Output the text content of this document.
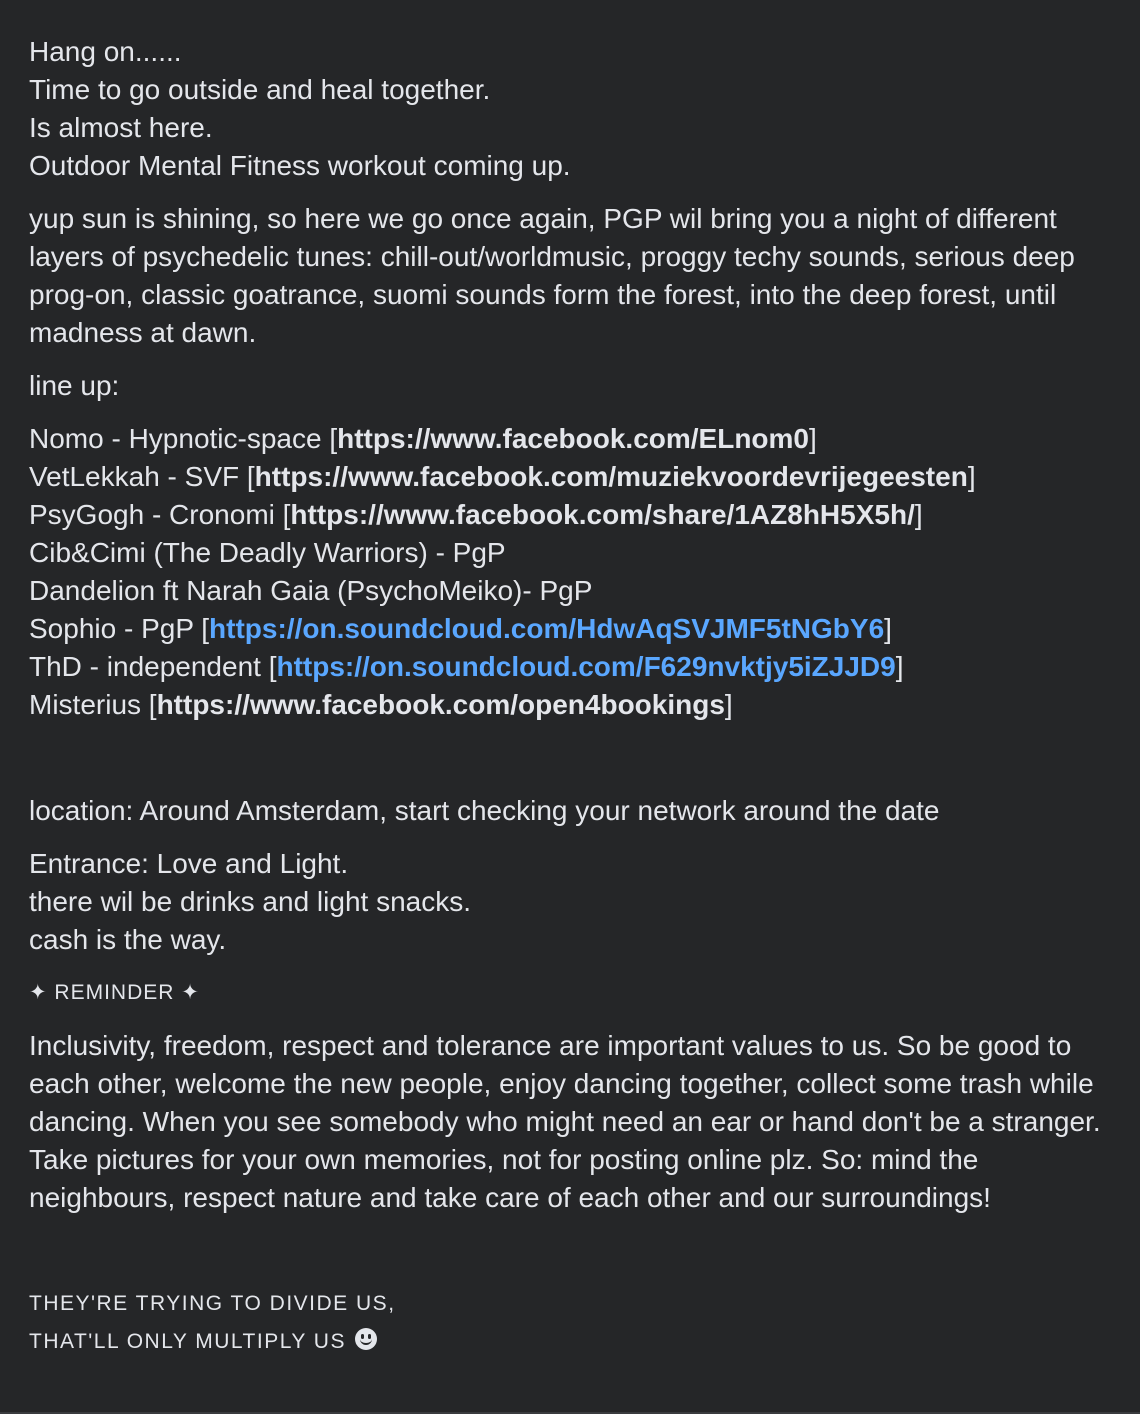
Hang on......
Time to go outside and heal together.
Is almost here.
Outdoor Mental Fitness workout coming up.
yup sun is shining, so here we go once again, PGP wil bring you a night of different layers of psychedelic tunes: chill-out/worldmusic, proggy techy sounds, serious deep prog-on, classic goatrance, suomi sounds form the forest, into the deep forest, until madness at dawn.
line up:
Nomo - Hypnotic-space [https://www.facebook.com/ELnom0]
VetLekkah - SVF [https://www.facebook.com/muziekvoordevrijegeesten]
PsyGogh - Cronomi [https://www.facebook.com/share/1AZ8hH5X5h/]
Cib&Cimi (The Deadly Warriors) - PgP
Dandelion ft Narah Gaia (PsychoMeiko)- PgP
Sophio - PgP [https://on.soundcloud.com/HdwAqSVJMF5tNGbY6]
ThD - independent [https://on.soundcloud.com/F629nvktjy5iZJJD9]
Misterius [https://www.facebook.com/open4bookings]
location: Around Amsterdam, start checking your network around the date
Entrance: Love and Light.
there wil be drinks and light snacks.
cash is the way.
✦ REMINDER ✦
Inclusivity, freedom, respect and tolerance are important values to us. So be good to each other, welcome the new people, enjoy dancing together, collect some trash while dancing. When you see somebody who might need an ear or hand don't be a stranger. Take pictures for your own memories, not for posting online plz. So: mind the neighbours, respect nature and take care of each other and our surroundings!
THEY'RE TRYING TO DIVIDE US,
THAT'LL ONLY MULTIPLY US
